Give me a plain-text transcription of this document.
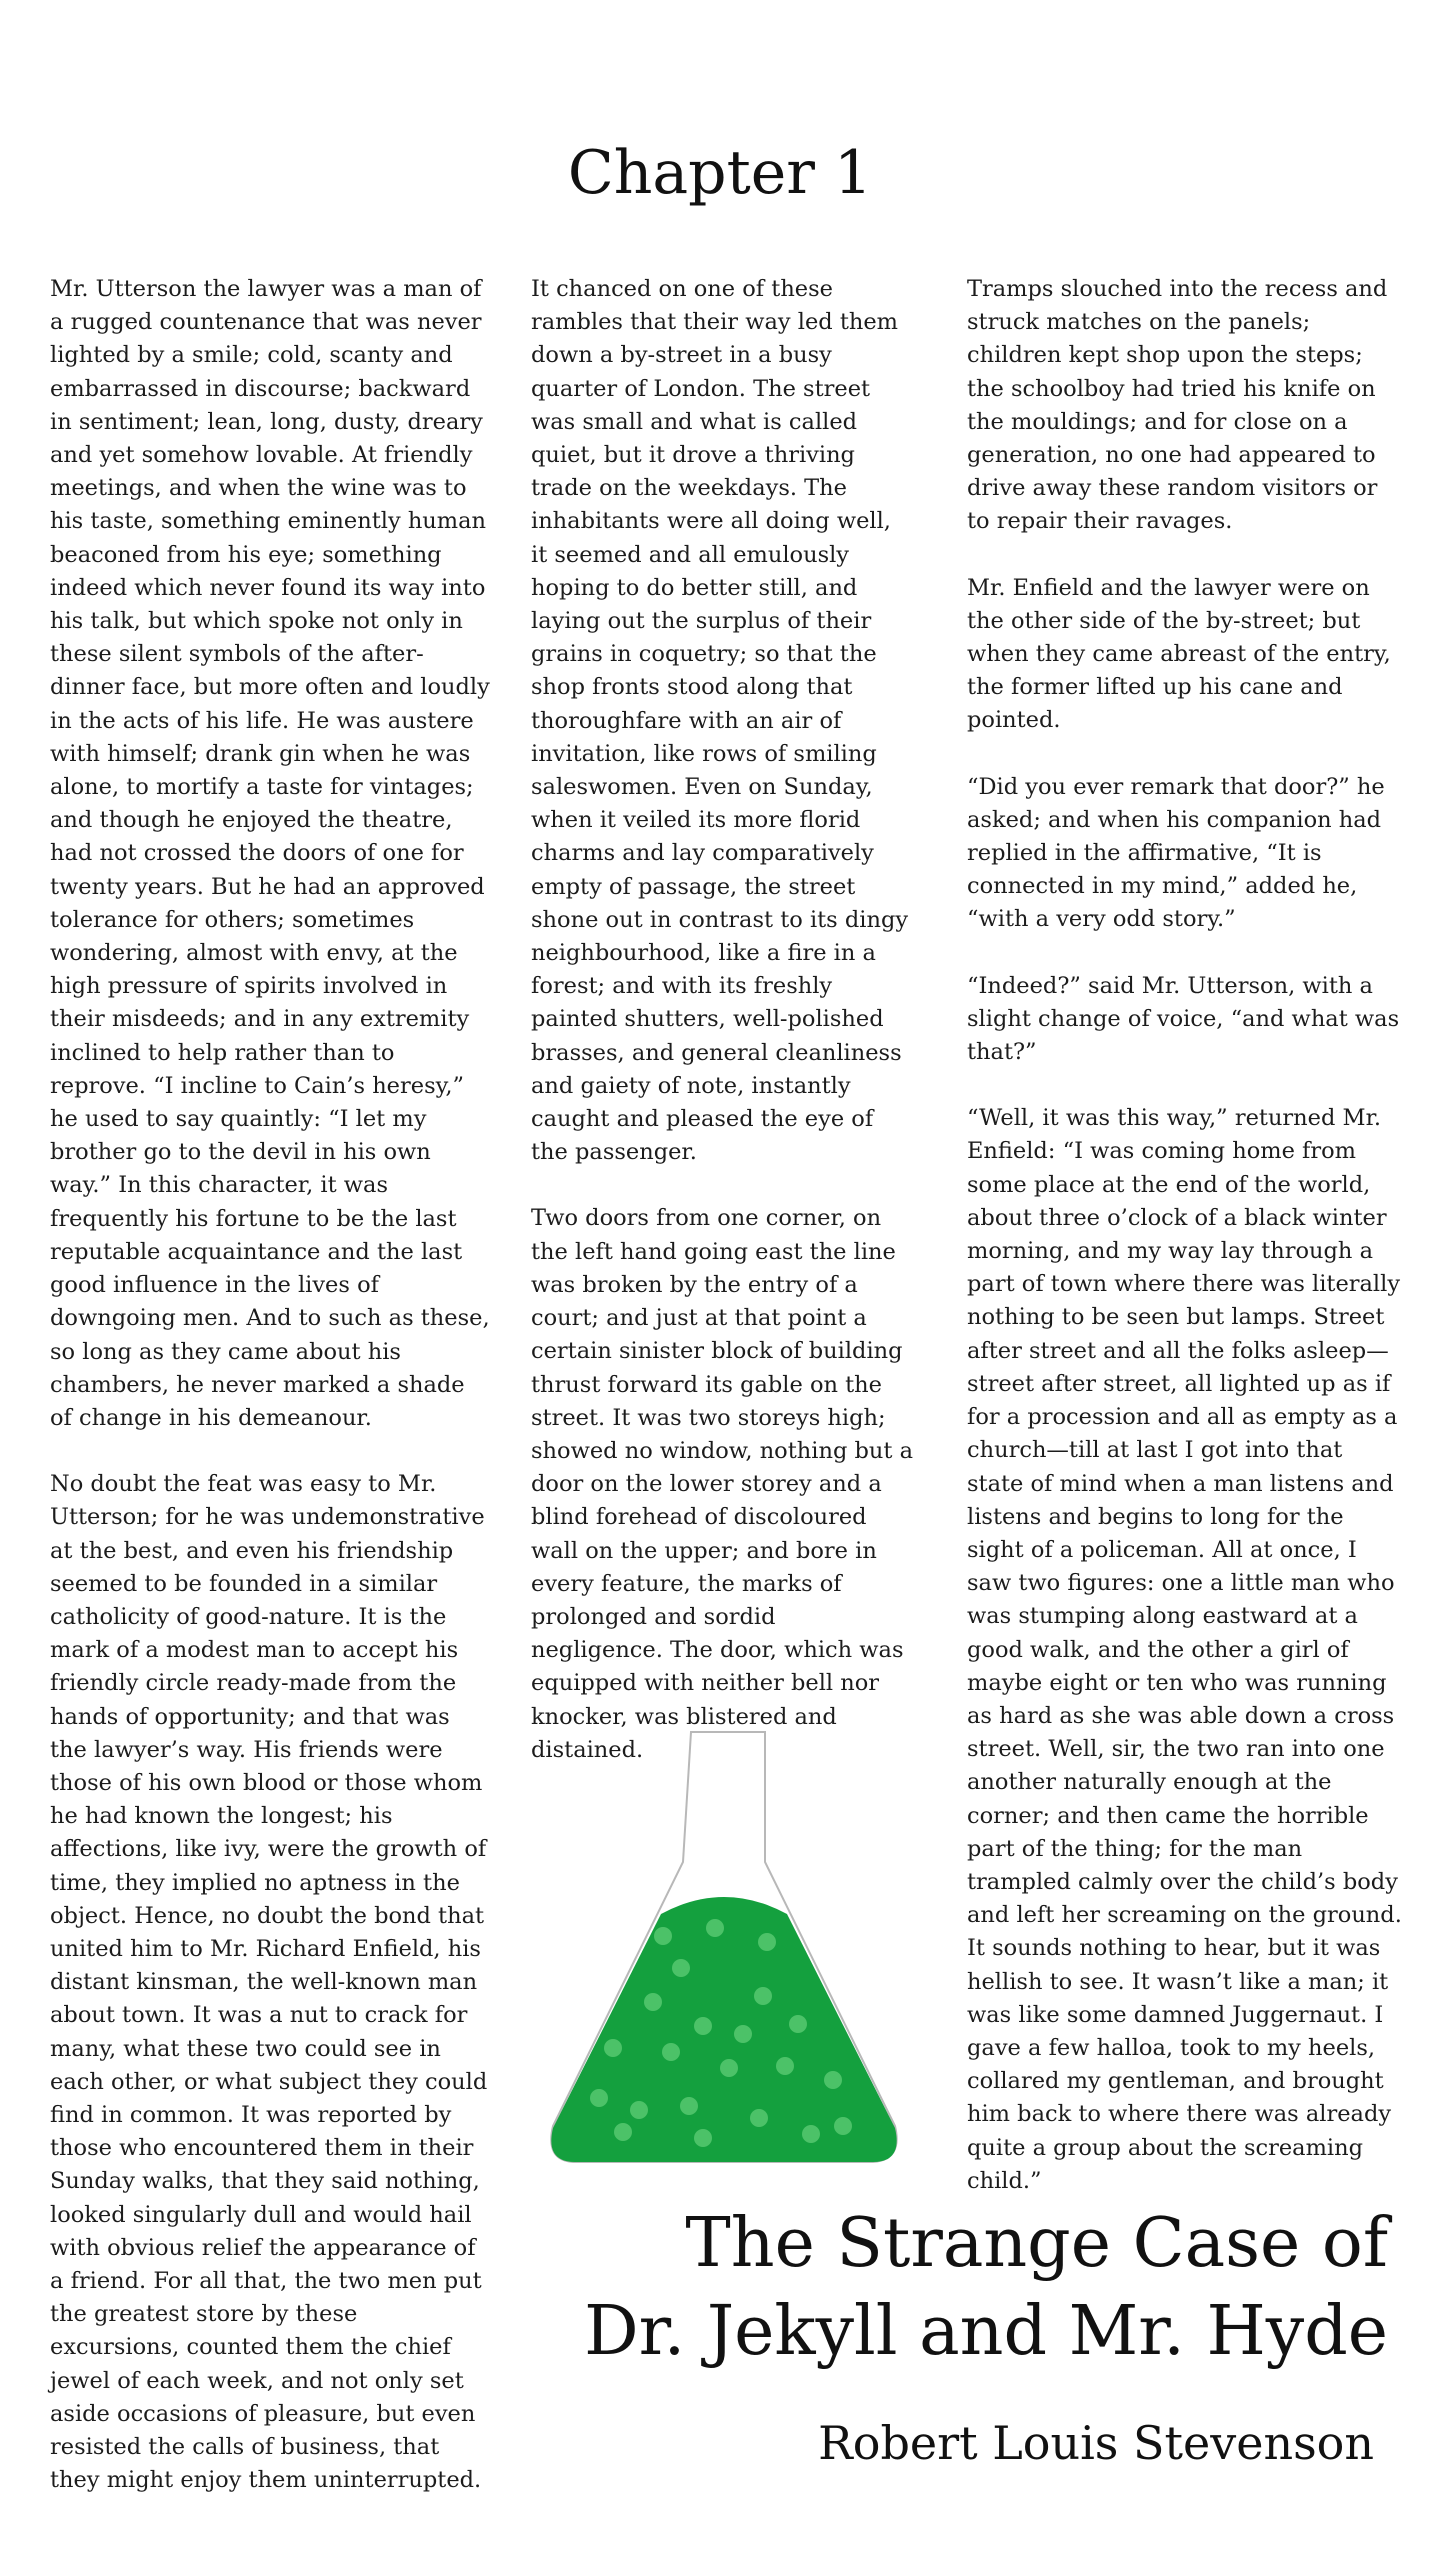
Chapter 1

Mr. Utterson the lawyer was a man of a rugged countenance that was never lighted by a smile; cold, scanty and embarrassed in discourse; backward in sentiment; lean, long, dusty, dreary and yet somehow lovable. At friendly meetings, and when the wine was to his taste, something eminently human beaconed from his eye; something indeed which never found its way into his talk, but which spoke not only in these silent symbols of the after-dinner face, but more often and loudly in the acts of his life. He was austere with himself; drank gin when he was alone, to mortify a taste for vintages; and though he enjoyed the theatre, had not crossed the doors of one for twenty years. But he had an approved tolerance for others; sometimes wondering, almost with envy, at the high pressure of spirits involved in their misdeeds; and in any extremity inclined to help rather than to reprove. “I incline to Cain’s heresy,” he used to say quaintly: “I let my brother go to the devil in his own way.” In this character, it was frequently his fortune to be the last reputable acquaintance and the last good influence in the lives of downgoing men. And to such as these, so long as they came about his chambers, he never marked a shade of change in his demeanour.

No doubt the feat was easy to Mr. Utterson; for he was undemonstrative at the best, and even his friendship seemed to be founded in a similar catholicity of good-nature. It is the mark of a modest man to accept his friendly circle ready-made from the hands of opportunity; and that was the lawyer’s way. His friends were those of his own blood or those whom he had known the longest; his affections, like ivy, were the growth of time, they implied no aptness in the object. Hence, no doubt the bond that united him to Mr. Richard Enfield, his distant kinsman, the well-known man about town. It was a nut to crack for many, what these two could see in each other, or what subject they could find in common. It was reported by those who encountered them in their Sunday walks, that they said nothing, looked singularly dull and would hail with obvious relief the appearance of a friend. For all that, the two men put the greatest store by these excursions, counted them the chief jewel of each week, and not only set aside occasions of pleasure, but even resisted the calls of business, that they might enjoy them uninterrupted.

It chanced on one of these rambles that their way led them down a by-street in a busy quarter of London. The street was small and what is called quiet, but it drove a thriving trade on the weekdays. The inhabitants were all doing well, it seemed and all emulously hoping to do better still, and laying out the surplus of their grains in coquetry; so that the shop fronts stood along that thoroughfare with an air of invitation, like rows of smiling saleswomen. Even on Sunday, when it veiled its more florid charms and lay comparatively empty of passage, the street shone out in contrast to its dingy neighbourhood, like a fire in a forest; and with its freshly painted shutters, well-polished brasses, and general cleanliness and gaiety of note, instantly caught and pleased the eye of the passenger.

Two doors from one corner, on the left hand going east the line was broken by the entry of a court; and just at that point a certain sinister block of building thrust forward its gable on the street. It was two storeys high; showed no window, nothing but a door on the lower storey and a blind forehead of discoloured wall on the upper; and bore in every feature, the marks of prolonged and sordid negligence. The door, which was equipped with neither bell nor knocker, was blistered and distained.

Tramps slouched into the recess and struck matches on the panels; children kept shop upon the steps; the schoolboy had tried his knife on the mouldings; and for close on a generation, no one had appeared to drive away these random visitors or to repair their ravages.

Mr. Enfield and the lawyer were on the other side of the by-street; but when they came abreast of the entry, the former lifted up his cane and pointed.

“Did you ever remark that door?” he asked; and when his companion had replied in the affirmative, “It is connected in my mind,” added he, “with a very odd story.”

“Indeed?” said Mr. Utterson, with a slight change of voice, “and what was that?”

“Well, it was this way,” returned Mr. Enfield: “I was coming home from some place at the end of the world, about three o’clock of a black winter morning, and my way lay through a part of town where there was literally nothing to be seen but lamps. Street after street and all the folks asleep—street after street, all lighted up as if for a procession and all as empty as a church—till at last I got into that state of mind when a man listens and listens and begins to long for the sight of a policeman. All at once, I saw two figures: one a little man who was stumping along eastward at a good walk, and the other a girl of maybe eight or ten who was running as hard as she was able down a cross street. Well, sir, the two ran into one another naturally enough at the corner; and then came the horrible part of the thing; for the man trampled calmly over the child’s body and left her screaming on the ground. It sounds nothing to hear, but it was hellish to see. It wasn’t like a man; it was like some damned Juggernaut. I gave a few halloa, took to my heels, collared my gentleman, and brought him back to where there was already quite a group about the screaming child.”

The Strange Case of
Dr. Jekyll and Mr. Hyde
Robert Louis Stevenson
